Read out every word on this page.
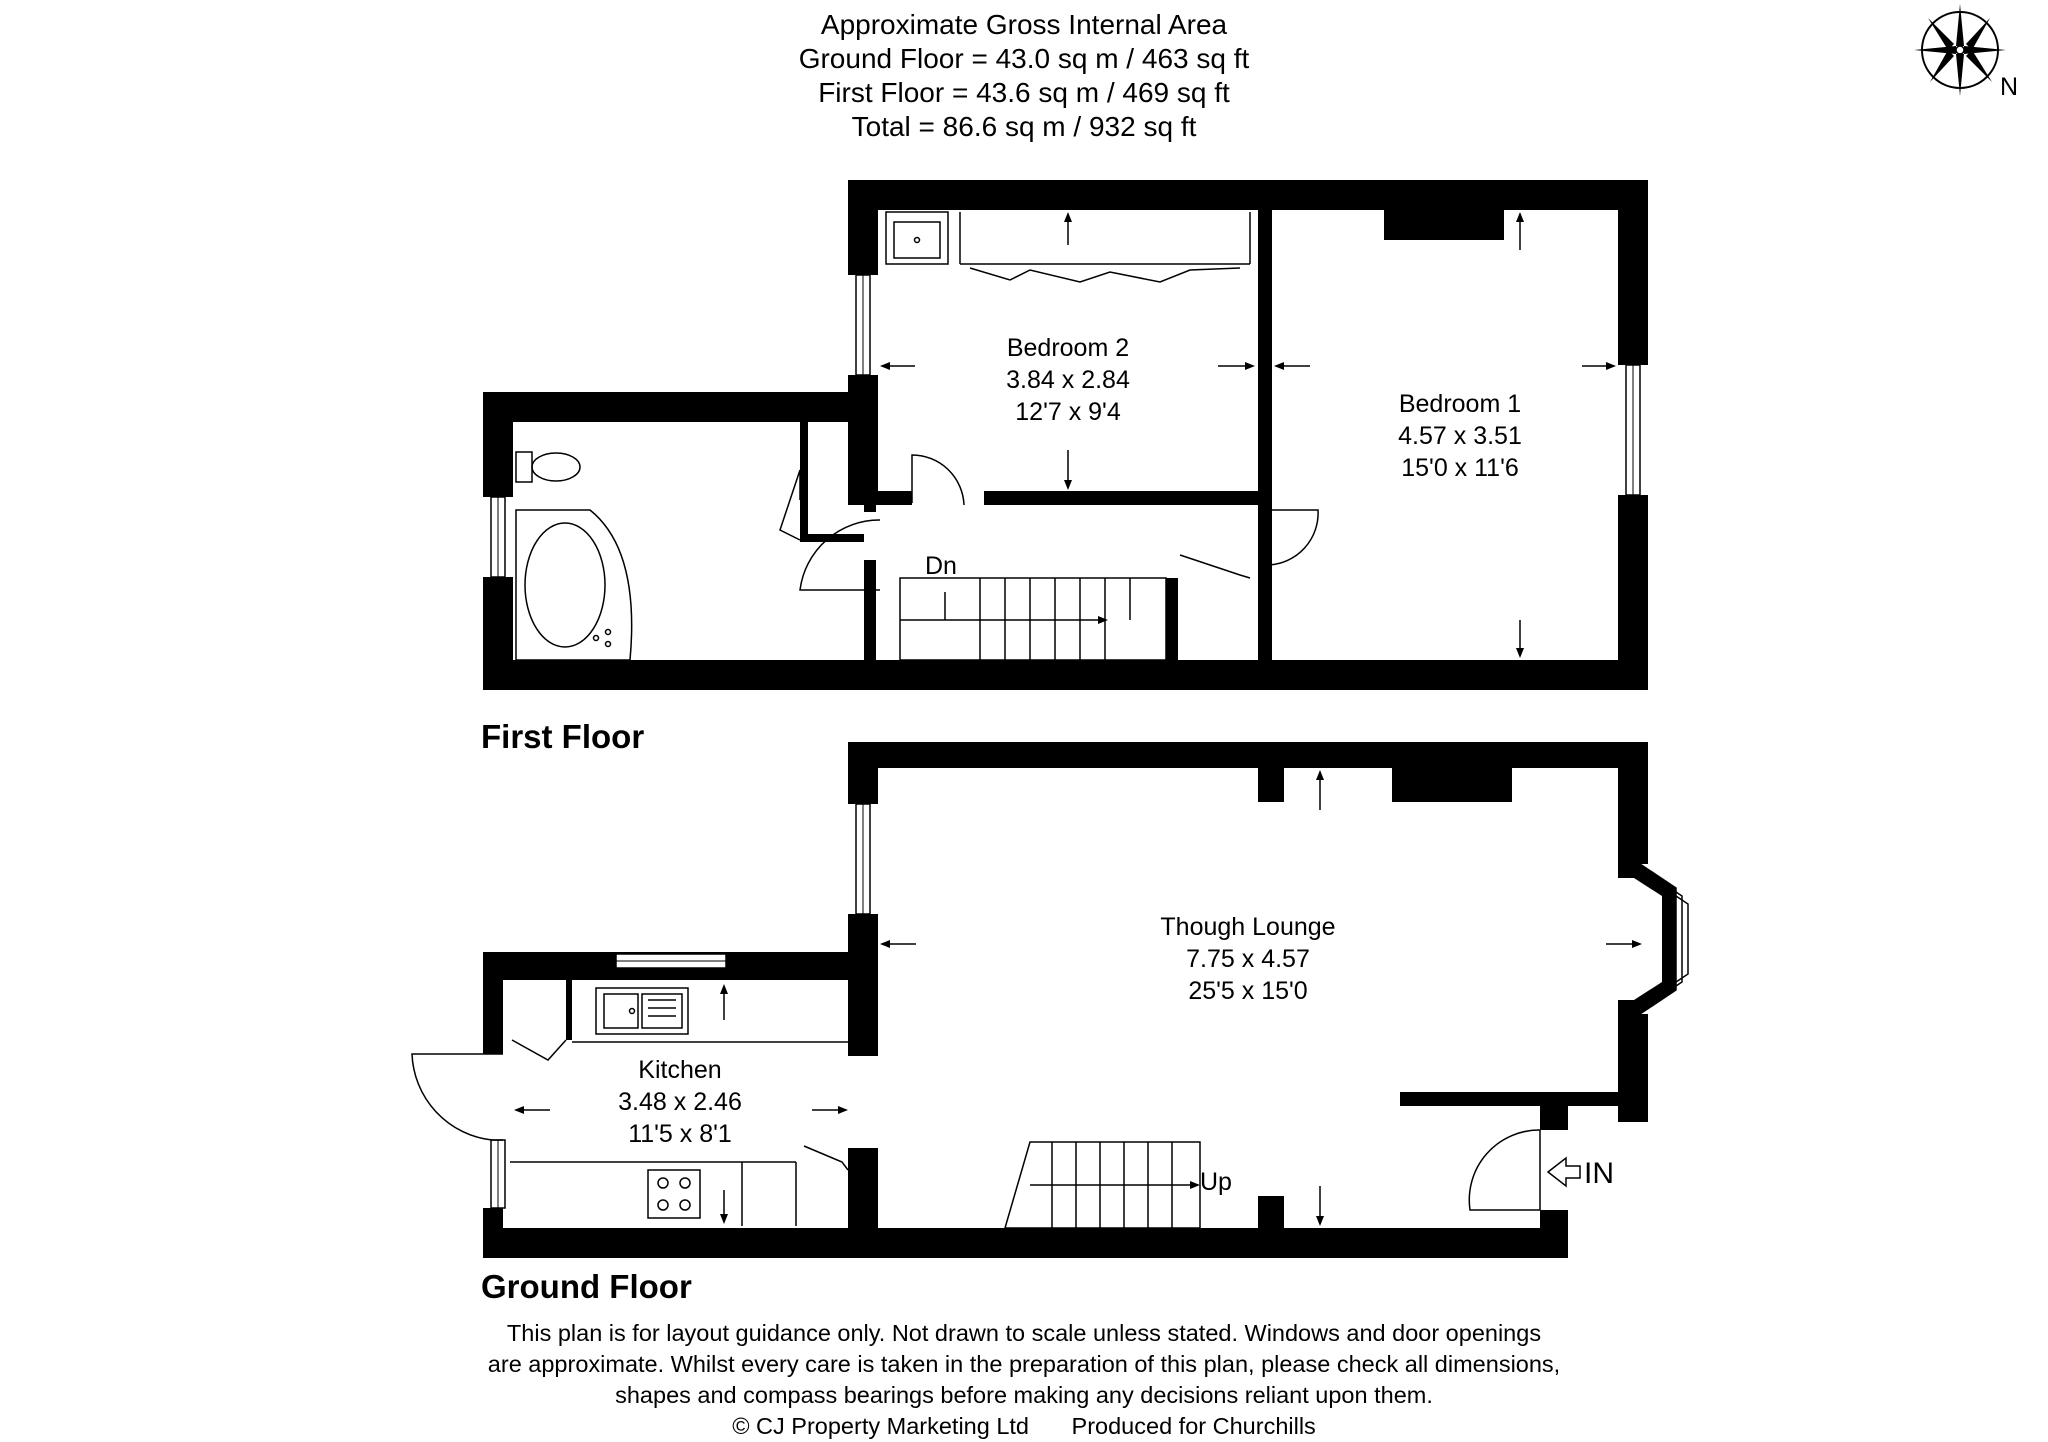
Approximate Gross Internal Area
Ground Floor = 43.0 sq m / 463 sq ft
First Floor = 43.6 sq m / 469 sq ft
Total = 86.6 sq m / 932 sq ft
N
Bedroom 2
3.84 x 2.84
12'7 x 9'4	Bedroom 1
4.57 x 3.51
15'0 x 11'6
Dn
Though Lounge
7.75 x 4.57
25'5 x 15'0
Up	IN
Kitchen
3.48 x 2.46
11'5 x 8'1
First Floor
Ground Floor
This plan is for layout guidance only. Not drawn to scale unless stated. Windows and door openings
are approximate. Whilst every care is taken in the preparation of this plan, please check all dimensions,
shapes and compass bearings before making any decisions reliant upon them.
© CJ Property Marketing Ltd Produced for Churchills
